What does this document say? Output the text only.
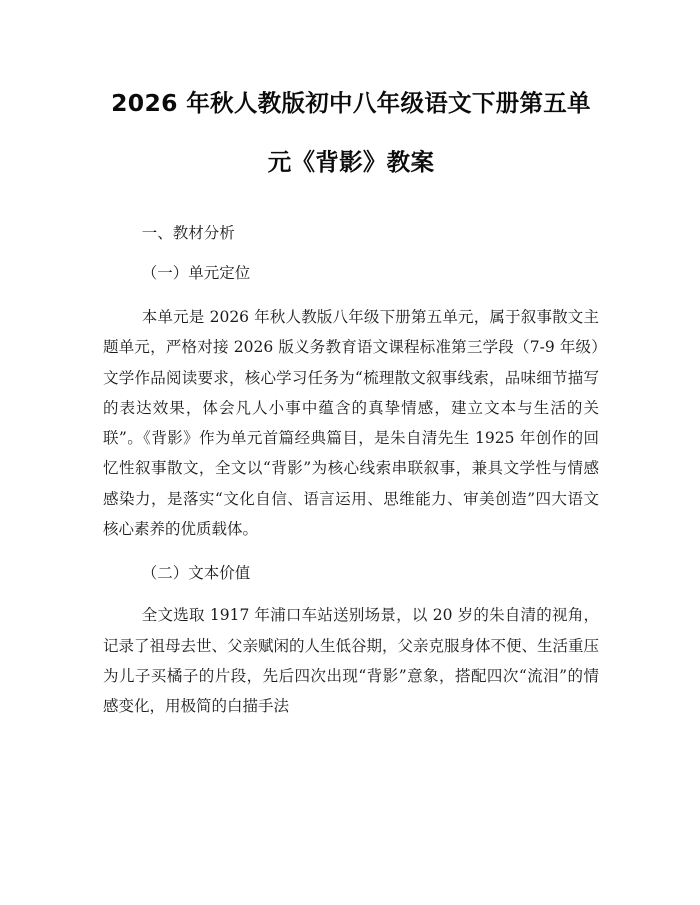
2026 年秋人教版初中八年级语文下册第五单元《背影》教案

一、教材分析

（一）单元定位

本单元是 2026 年秋人教版八年级下册第五单元，属于叙事散文主题单元，严格对接 2026 版义务教育语文课程标准第三学段（7-9 年级）文学作品阅读要求，核心学习任务为“梳理散文叙事线索，品味细节描写的表达效果，体会凡人小事中蕴含的真挚情感，建立文本与生活的关联”。《背影》作为单元首篇经典篇目，是朱自清先生 1925 年创作的回忆性叙事散文，全文以“背影”为核心线索串联叙事，兼具文学性与情感感染力，是落实“文化自信、语言运用、思维能力、审美创造”四大语文核心素养的优质载体。

（二）文本价值

全文选取 1917 年浦口车站送别场景，以 20 岁的朱自清的视角，记录了祖母去世、父亲赋闲的人生低谷期，父亲克服身体不便、生活重压为儿子买橘子的片段，先后四次出现“背影”意象，搭配四次“流泪”的情感变化，用极简的白描手法
